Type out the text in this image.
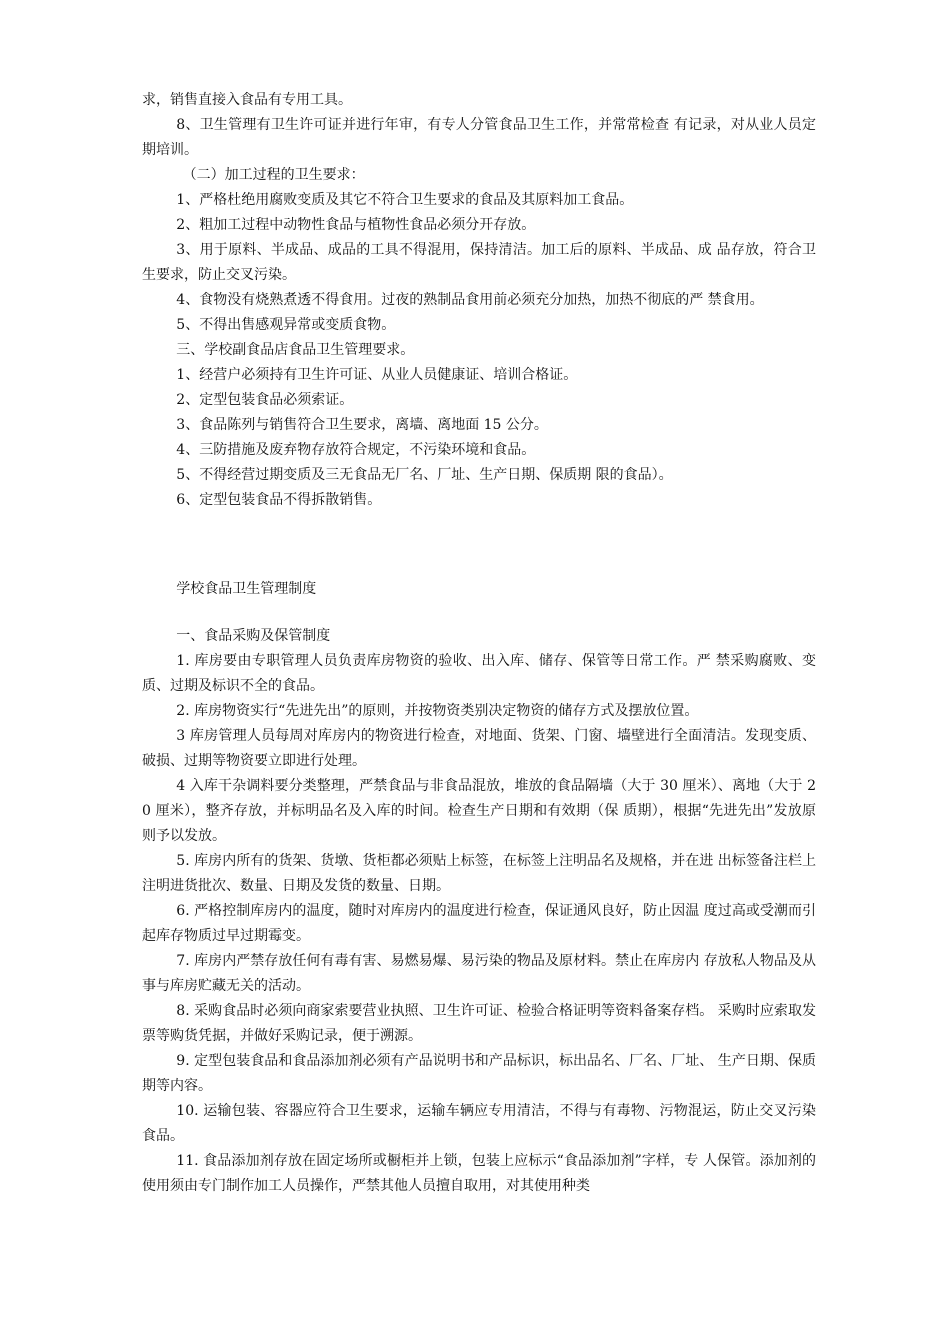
求，销售直接入食品有专用工具。

8、卫生管理有卫生许可证并进行年审，有专人分管食品卫生工作，并常常检查 有记录，对从业人员定期培训。

（二）加工过程的卫生要求：

1、严格杜绝用腐败变质及其它不符合卫生要求的食品及其原料加工食品。

2、粗加工过程中动物性食品与植物性食品必须分开存放。

3、用于原料、半成品、成品的工具不得混用，保持清洁。加工后的原料、半成品、成 品存放，符合卫生要求，防止交叉污染。

4、食物没有烧熟煮透不得食用。过夜的熟制品食用前必须充分加热，加热不彻底的严 禁食用。

5、不得出售感观异常或变质食物。

三、学校副食品店食品卫生管理要求。

1、经营户必须持有卫生许可证、从业人员健康证、培训合格证。

2、定型包装食品必须索证。

3、食品陈列与销售符合卫生要求，离墙、离地面 15 公分。

4、三防措施及废弃物存放符合规定，不污染环境和食品。

5、不得经营过期变质及三无食品无厂名、厂址、生产日期、保质期 限的食品）。

6、定型包装食品不得拆散销售。

学校食品卫生管理制度

一、食品采购及保管制度

1. 库房要由专职管理人员负责库房物资的验收、出入库、储存、保管等日常工作。严 禁采购腐败、变质、过期及标识不全的食品。

2. 库房物资实行“先进先出”的原则，并按物资类别决定物资的储存方式及摆放位置。

3 库房管理人员每周对库房内的物资进行检查，对地面、货架、门窗、墙壁进行全面清洁。发现变质、破损、过期等物资要立即进行处理。

4 入库干杂调料要分类整理，严禁食品与非食品混放，堆放的食品隔墙（大于 30 厘米）、离地（大于 2 0 厘米），整齐存放，并标明品名及入库的时间。检查生产日期和有效期（保 质期），根据“先进先出”发放原则予以发放。

5. 库房内所有的货架、货墩、货柜都必须贴上标签，在标签上注明品名及规格，并在进 出标签备注栏上注明进货批次、数量、日期及发货的数量、日期。

6. 严格控制库房内的温度，随时对库房内的温度进行检查，保证通风良好，防止因温 度过高或受潮而引起库存物质过早过期霉变。

7. 库房内严禁存放任何有毒有害、易燃易爆、易污染的物品及原材料。禁止在库房内 存放私人物品及从事与库房贮藏无关的活动。

8. 采购食品时必须向商家索要营业执照、卫生许可证、检验合格证明等资料备案存档。 采购时应索取发票等购货凭据，并做好采购记录，便于溯源。

9. 定型包装食品和食品添加剂必须有产品说明书和产品标识，标出品名、厂名、厂址、 生产日期、保质期等内容。

10. 运输包装、容器应符合卫生要求，运输车辆应专用清洁，不得与有毒物、污物混运，防止交叉污染食品。

11. 食品添加剂存放在固定场所或橱柜并上锁，包装上应标示“食品添加剂”字样，专 人保管。添加剂的使用须由专门制作加工人员操作，严禁其他人员擅自取用，对其使用种类
